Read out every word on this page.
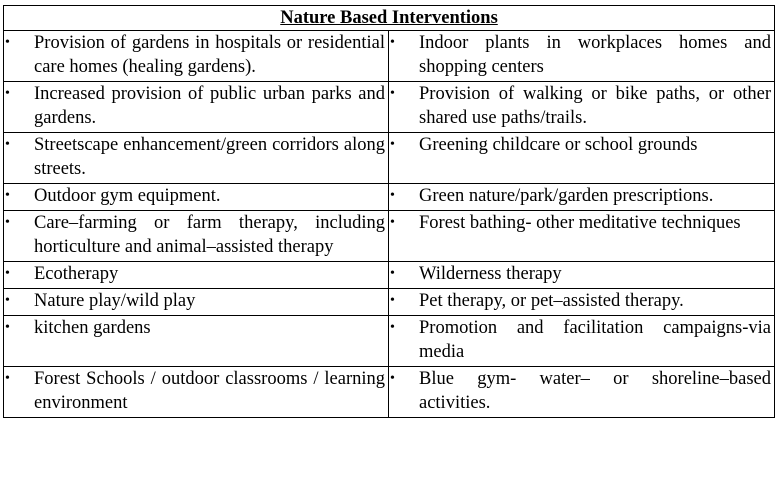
Nature Based Interventions	

• Provision of gardens in hospitals or residential care homes (healing gardens).	• Indoor plants in workplaces homes and shopping centers

• Increased provision of public urban parks and gardens.	• Provision of walking or bike paths, or other shared use paths/trails.

• Streetscape enhancement/green corridors along streets.	• Greening childcare or school grounds

• Outdoor gym equipment.	• Green nature/park/garden prescriptions.

• Care–farming or farm therapy, including horticulture and animal–assisted therapy	• Forest bathing- other meditative techniques

• Ecotherapy	• Wilderness therapy

• Nature play/wild play	• Pet therapy, or pet–assisted therapy.

• kitchen gardens	• Promotion and facilitation campaigns-via media

• Forest Schools / outdoor classrooms / learning environment	• Blue gym- water– or shoreline–based activities.
